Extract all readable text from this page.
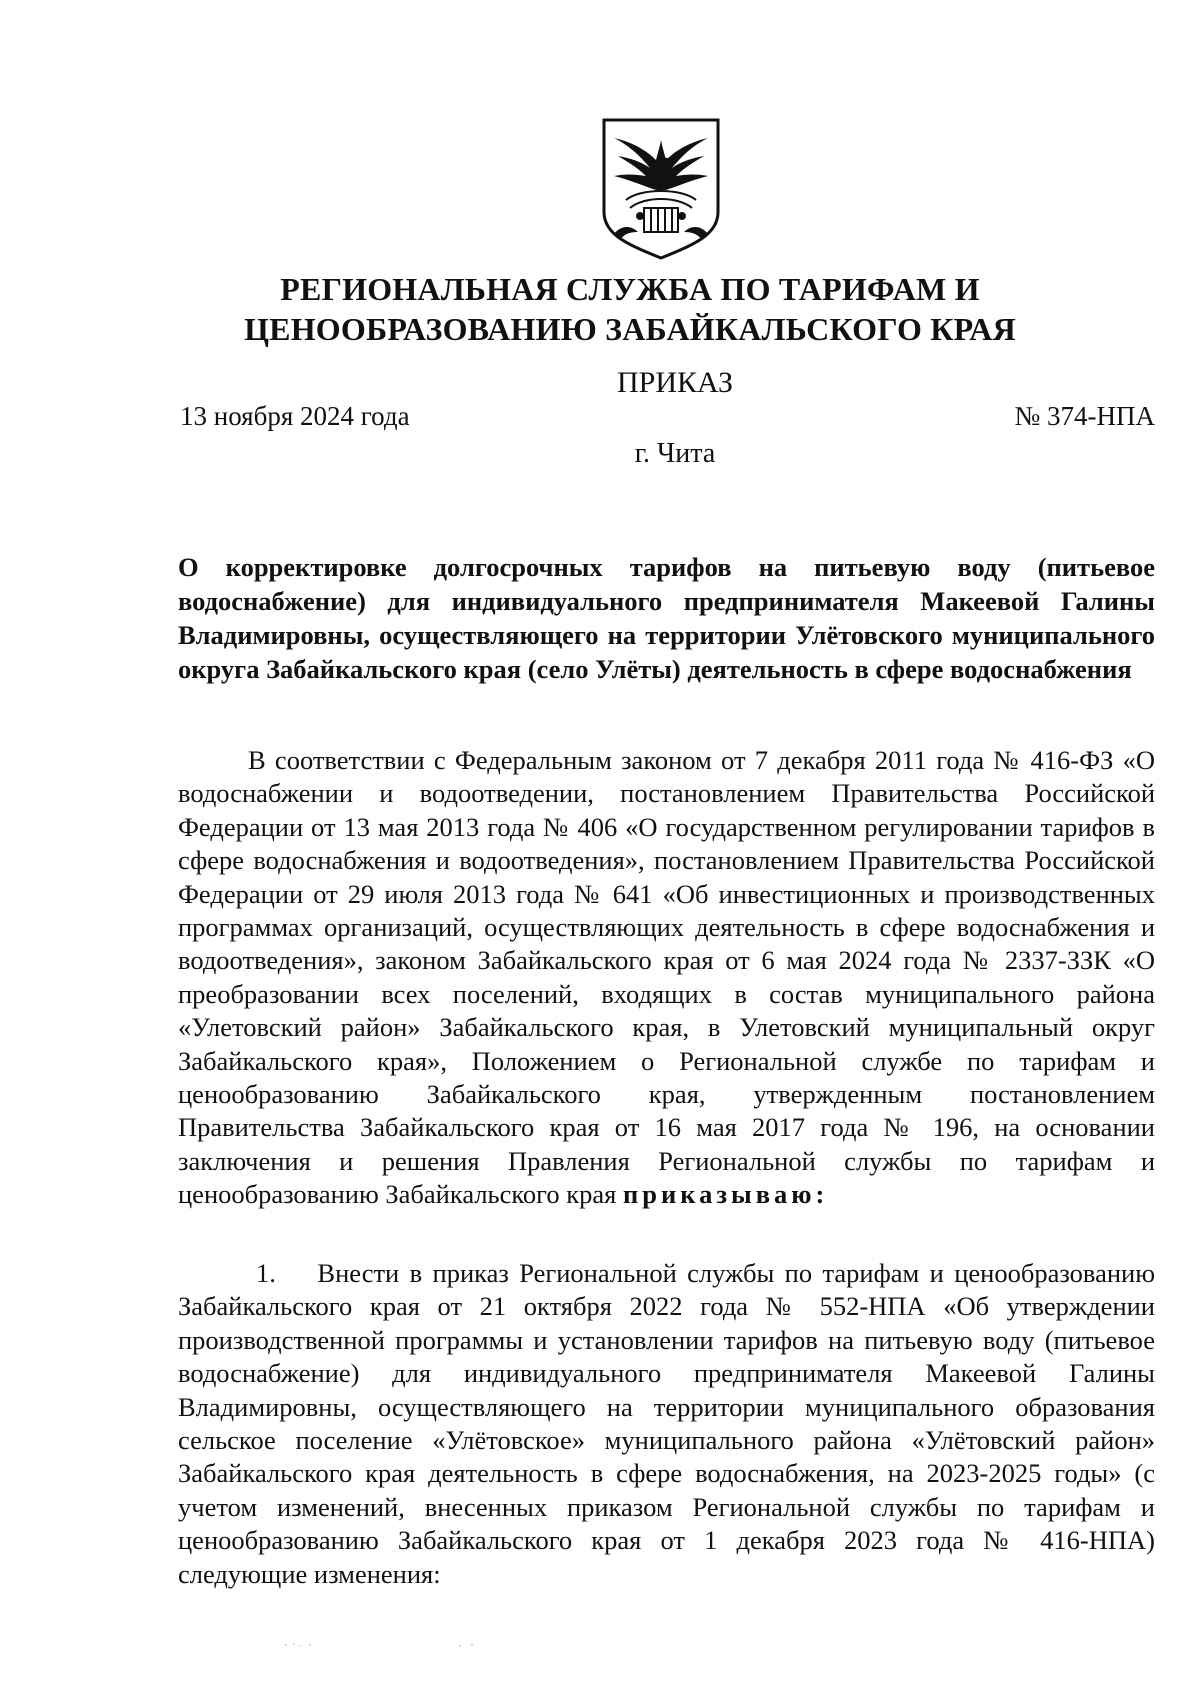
РЕГИОНАЛЬНАЯ СЛУЖБА ПО ТАРИФАМ И
ЦЕНООБРАЗОВАНИЮ ЗАБАЙКАЛЬСКОГО КРАЯ
ПРИКАЗ
13 ноября 2024 года	№ 374-НПА
г. Чита

О корректировке долгосрочных тарифов на питьевую воду (питьевое водоснабжение) для индивидуального предпринимателя Макеевой Галины Владимировны, осуществляющего на территории Улётовского муниципального округа Забайкальского края (село Улёты) деятельность в сфере водоснабжения

В соответствии с Федеральным законом от 7 декабря 2011 года № 416-ФЗ «О водоснабжении и водоотведении, постановлением Правительства Российской Федерации от 13 мая 2013 года № 406 «О государственном регулировании тарифов в сфере водоснабжения и водоотведения», постановлением Правительства Российской Федерации от 29 июля 2013 года № 641 «Об инвестиционных и производственных программах организаций, осуществляющих деятельность в сфере водоснабжения и водоотведения», законом Забайкальского края от 6 мая 2024 года № 2337-ЗЗК «О преобразовании всех поселений, входящих в состав муниципального района «Улетовский район» Забайкальского края, в Улетовский муниципальный округ Забайкальского края», Положением о Региональной службе по тарифам и ценообразованию Забайкальского края, утвержденным постановлением Правительства Забайкальского края от 16 мая 2017 года № 196, на основании заключения и решения Правления Региональной службы по тарифам и ценообразованию Забайкальского края приказываю:

1. Внести в приказ Региональной службы по тарифам и ценообразованию Забайкальского края от 21 октября 2022 года № 552-НПА «Об утверждении производственной программы и установлении тарифов на питьевую воду (питьевое водоснабжение) для индивидуального предпринимателя Макеевой Галины Владимировны, осуществляющего на территории муниципального образования сельское поселение «Улётовское» муниципального района «Улётовский район» Забайкальского края деятельность в сфере водоснабжения, на 2023-2025 годы» (с учетом изменений, внесенных приказом Региональной службы по тарифам и ценообразованию Забайкальского края от 1 декабря 2023 года № 416-НПА) следующие изменения:
